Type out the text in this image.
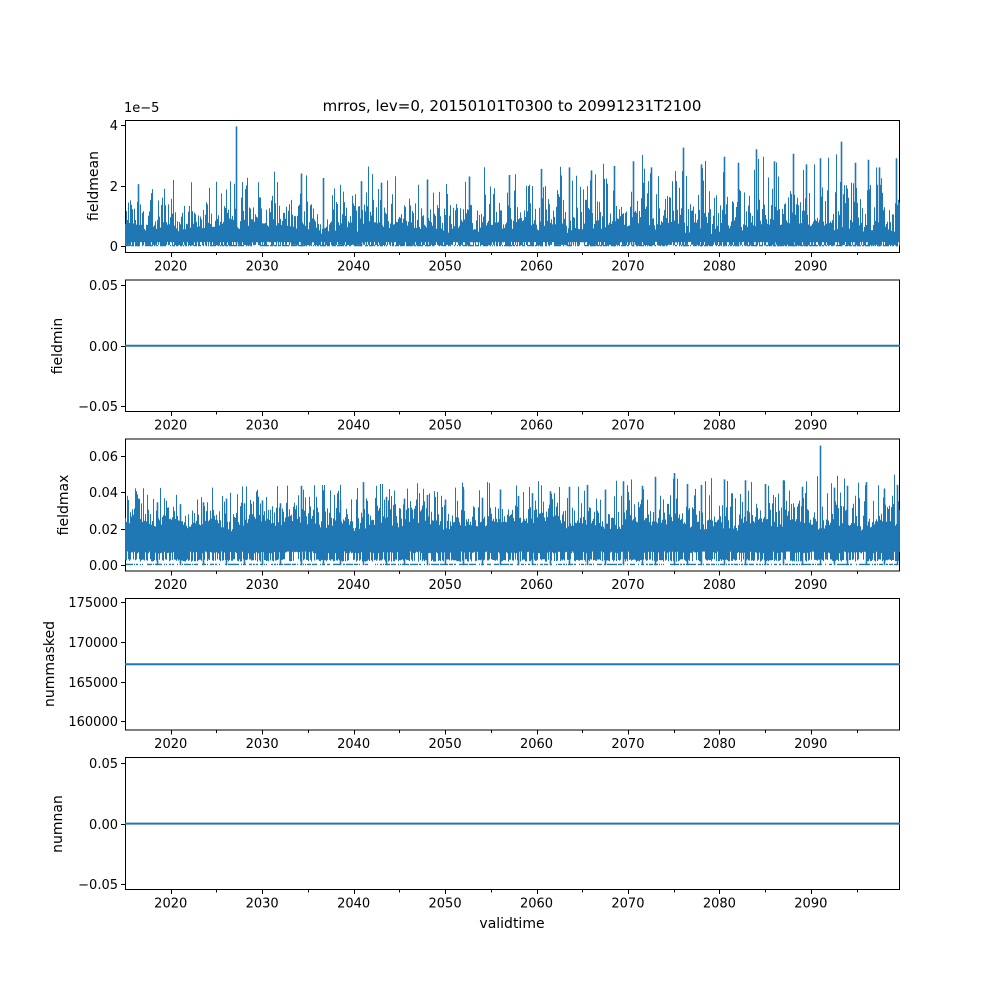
2020	2030	2040	2050	2060	2070	2080	2090
0
2
4
2020	2030	2040	2050	2060	2070	2080	2090
−0.05
0.00
0.05
2020	2030	2040	2050	2060	2070	2080	2090
0.00
0.02
0.04
0.06
2020	2030	2040	2050	2060	2070	2080	2090
160000
165000
170000
175000
2020	2030	2040	2050	2060	2070	2080	2090
−0.05
0.00
0.05
mrros, lev=0, 20150101T0300 to 20991231T2100
1e−5
validtime
fieldmean
fieldmin
fieldmax
nummasked
numnan
